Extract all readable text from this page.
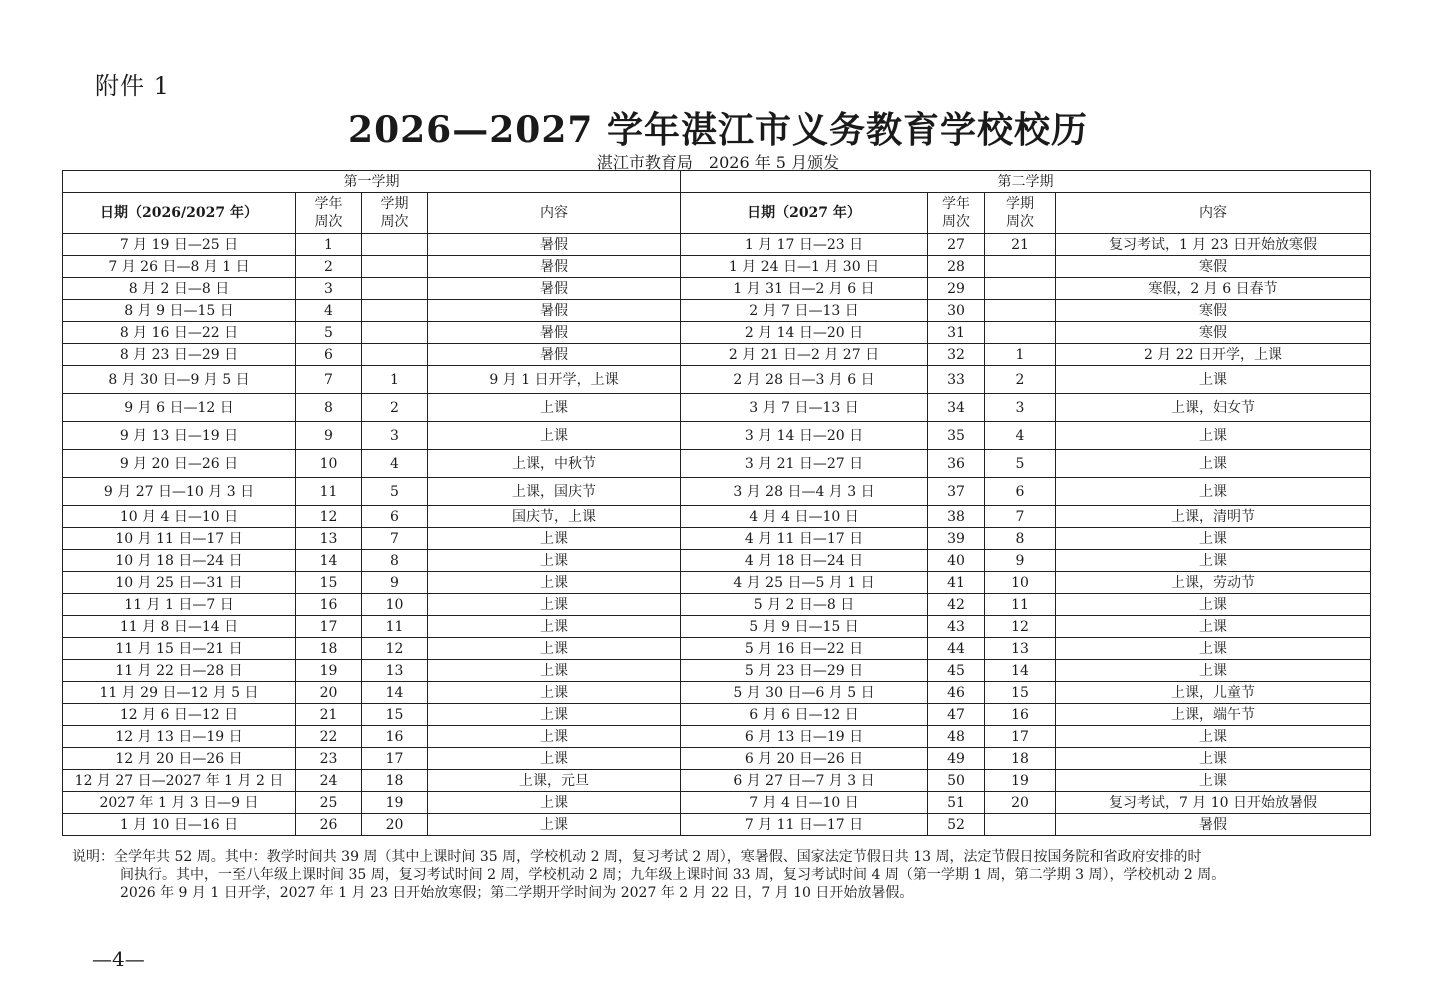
附件 1
2026—2027 学年湛江市义务教育学校校历
湛江市教育局　2026 年 5 月颁发
第一学期				第二学期			
日期（2026/2027 年）	学年周次	学期周次	内容	日期（2027 年）	学年周次	学期周次	内容
7 月 19 日—25 日	1		暑假	1 月 17 日—23 日	27	21	复习考试，1 月 23 日开始放寒假
7 月 26 日—8 月 1 日	2		暑假	1 月 24 日—1 月 30 日	28		寒假
8 月 2 日—8 日	3		暑假	1 月 31 日—2 月 6 日	29		寒假，2 月 6 日春节
8 月 9 日—15 日	4		暑假	2 月 7 日—13 日	30		寒假
8 月 16 日—22 日	5		暑假	2 月 14 日—20 日	31		寒假
8 月 23 日—29 日	6		暑假	2 月 21 日—2 月 27 日	32	1	2 月 22 日开学，上课
8 月 30 日—9 月 5 日	7	1	9 月 1 日开学，上课	2 月 28 日—3 月 6 日	33	2	上课
9 月 6 日—12 日	8	2	上课	3 月 7 日—13 日	34	3	上课，妇女节
9 月 13 日—19 日	9	3	上课	3 月 14 日—20 日	35	4	上课
9 月 20 日—26 日	10	4	上课，中秋节	3 月 21 日—27 日	36	5	上课
9 月 27 日—10 月 3 日	11	5	上课，国庆节	3 月 28 日—4 月 3 日	37	6	上课
10 月 4 日—10 日	12	6	国庆节，上课	4 月 4 日—10 日	38	7	上课，清明节
10 月 11 日—17 日	13	7	上课	4 月 11 日—17 日	39	8	上课
10 月 18 日—24 日	14	8	上课	4 月 18 日—24 日	40	9	上课
10 月 25 日—31 日	15	9	上课	4 月 25 日—5 月 1 日	41	10	上课，劳动节
11 月 1 日—7 日	16	10	上课	5 月 2 日—8 日	42	11	上课
11 月 8 日—14 日	17	11	上课	5 月 9 日—15 日	43	12	上课
11 月 15 日—21 日	18	12	上课	5 月 16 日—22 日	44	13	上课
11 月 22 日—28 日	19	13	上课	5 月 23 日—29 日	45	14	上课
11 月 29 日—12 月 5 日	20	14	上课	5 月 30 日—6 月 5 日	46	15	上课，儿童节
12 月 6 日—12 日	21	15	上课	6 月 6 日—12 日	47	16	上课，端午节
12 月 13 日—19 日	22	16	上课	6 月 13 日—19 日	48	17	上课
12 月 20 日—26 日	23	17	上课	6 月 20 日—26 日	49	18	上课
12 月 27 日—2027 年 1 月 2 日	24	18	上课，元旦	6 月 27 日—7 月 3 日	50	19	上课
2027 年 1 月 3 日—9 日	25	19	上课	7 月 4 日—10 日	51	20	复习考试，7 月 10 日开始放暑假
1 月 10 日—16 日	26	20	上课	7 月 11 日—17 日	52		暑假
说明：全学年共 52 周。其中：教学时间共 39 周（其中上课时间 35 周，学校机动 2 周，复习考试 2 周），寒暑假、国家法定节假日共 13 周，法定节假日按国务院和省政府安排的时
间执行。其中，一至八年级上课时间 35 周，复习考试时间 2 周，学校机动 2 周；九年级上课时间 33 周，复习考试时间 4 周（第一学期 1 周，第二学期 3 周），学校机动 2 周。
2026 年 9 月 1 日开学，2027 年 1 月 23 日开始放寒假；第二学期开学时间为 2027 年 2 月 22 日，7 月 10 日开始放暑假。
—4—
